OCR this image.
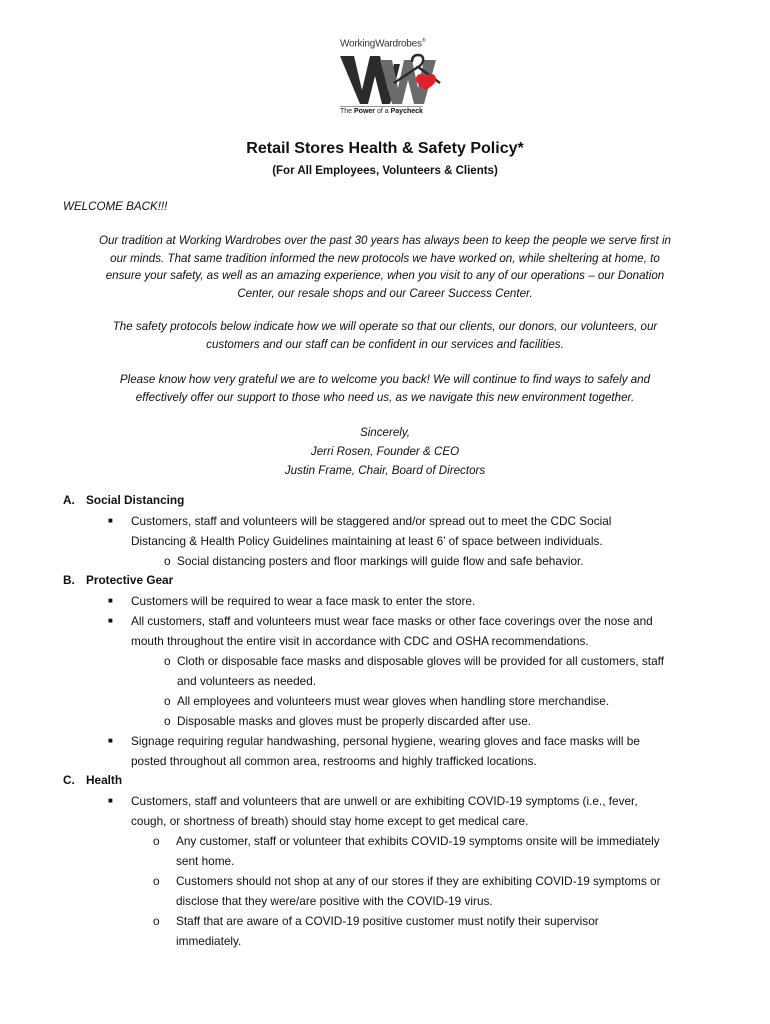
WorkingWardrobes®
The Power of a Paycheck
Retail Stores Health & Safety Policy*
(For All Employees, Volunteers & Clients)
WELCOME BACK!!!
Our tradition at Working Wardrobes over the past 30 years has always been to keep the people we serve first in
our minds. That same tradition informed the new protocols we have worked on, while sheltering at home, to
ensure your safety, as well as an amazing experience, when you visit to any of our operations – our Donation
Center, our resale shops and our Career Success Center.
The safety protocols below indicate how we will operate so that our clients, our donors, our volunteers, our
customers and our staff can be confident in our services and facilities.
Please know how very grateful we are to welcome you back! We will continue to find ways to safely and
effectively offer our support to those who need us, as we navigate this new environment together.
Sincerely,
Jerri Rosen, Founder & CEO
Justin Frame, Chair, Board of Directors
A. Social Distancing
■ Customers, staff and volunteers will be staggered and/or spread out to meet the CDC Social
Distancing & Health Policy Guidelines maintaining at least 6’ of space between individuals.
o Social distancing posters and floor markings will guide flow and safe behavior.
B. Protective Gear
■ Customers will be required to wear a face mask to enter the store.
■ All customers, staff and volunteers must wear face masks or other face coverings over the nose and
mouth throughout the entire visit in accordance with CDC and OSHA recommendations.
o Cloth or disposable face masks and disposable gloves will be provided for all customers, staff
and volunteers as needed.
o All employees and volunteers must wear gloves when handling store merchandise.
o Disposable masks and gloves must be properly discarded after use.
■ Signage requiring regular handwashing, personal hygiene, wearing gloves and face masks will be
posted throughout all common area, restrooms and highly trafficked locations.
C. Health
■ Customers, staff and volunteers that are unwell or are exhibiting COVID-19 symptoms (i.e., fever,
cough, or shortness of breath) should stay home except to get medical care.
o Any customer, staff or volunteer that exhibits COVID-19 symptoms onsite will be immediately
sent home.
o Customers should not shop at any of our stores if they are exhibiting COVID-19 symptoms or
disclose that they were/are positive with the COVID-19 virus.
o Staff that are aware of a COVID-19 positive customer must notify their supervisor
immediately.
